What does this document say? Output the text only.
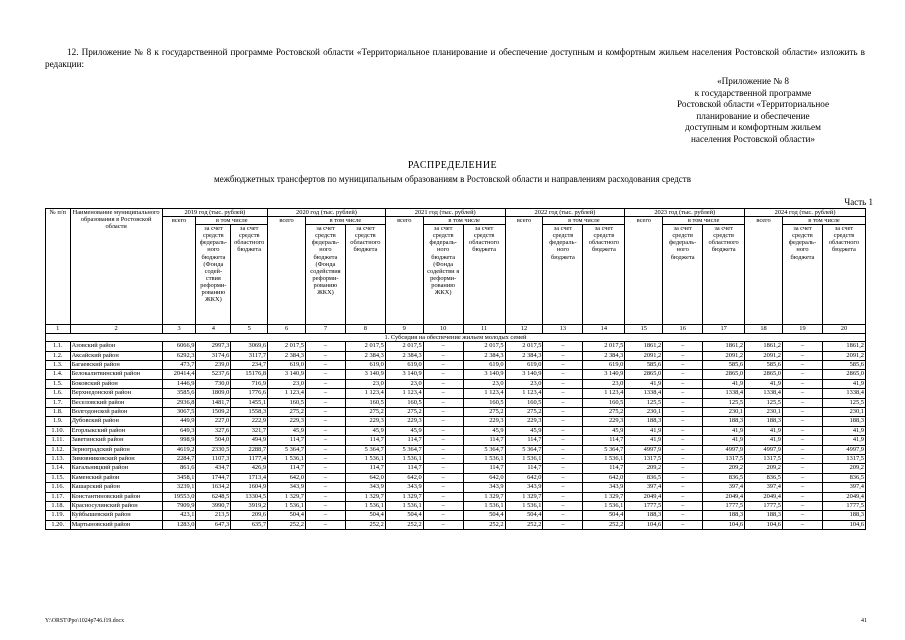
12. Приложение № 8 к государственной программе Ростовской области «Территориальное планирование и обеспечение доступным и комфортным жильем населения Ростовской области» изложить в редакции:
«Приложение № 8
к государственной программе
Ростовской области «Территориальное
планирование и обеспечение
доступным и комфортным жильем
населения Ростовской области»
РАСПРЕДЕЛЕНИЕ
межбюджетных трансфертов по муниципальным образованиям в Ростовской области и направлениям расходования средств
Часть 1
№ п/п	Наименование муниципального образования в Ростовской области	2019 год (тыс. рублей)			2020 год (тыс. рублей)			2021 год (тыс. рублей)			2022 год (тыс. рублей)			2023 год (тыс. рублей)			2024 год (тыс. рублей)		
		всего	в том числе		всего	в том числе		всего	в том числе		всего	в том числе		всего	в том числе		всего	в том числе	
			за счет средств федераль-ного бюджета (Фонда содей-ствия реформи-рованию ЖКХ)	за счет средств областного бюджета		за счет средств федераль-ного бюджета (Фонда содействия реформи-рованию ЖКХ)	за счет средств областного бюджета		за счет средств федераль-ного бюджета (Фонда содействи я реформи-рованию ЖКХ)	за счет средств областного бюджета		за счет средств федераль-ного бюджета	за счет средств областного бюджета		за счет средств федераль-ного бюджета	за счет средств областного бюджета		за счет средств федераль-ного бюджета	за счет средств областного бюджета
1	2	3	4	5	6	7	8	9	10	11	12	13	14	15	16	17	18	19	20
1. Субсидия на обеспечение жильем молодых семей																			
1.1.	Азовский район	6066,9	2997,3	3069,6	2 017,5	–	2 017,5	2 017,5	–	2 017,5	2 017,5	–	2 017,5	1861,2	–	1861,2	1861,2	–	1861,2
1.2.	Аксайский район	6292,3	3174,6	3117,7	2 384,3	–	2 384,3	2 384,3	–	2 384,3	2 384,3	–	2 384,3	2091,2	–	2091,2	2091,2	–	2091,2
1.3.	Багаевский район	473,7	239,0	234,7	619,0	–	619,0	619,0	–	619,0	619,0	–	619,0	585,6	–	585,6	585,6	–	585,6
1.4.	Белокалитвинский район	20414,4	5237,6	15176,8	3 140,9	–	3 140,9	3 140,9	–	3 140,9	3 140,9	–	3 140,9	2865,0	–	2865,0	2865,0	–	2865,0
1.5.	Боковский район	1446,9	730,0	716,9	23,0	–	23,0	23,0	–	23,0	23,0	–	23,0	41,9	–	41,9	41,9	–	41,9
1.6.	Верхнедонской район	3585,6	1809,0	1776,6	1 123,4	–	1 123,4	1 123,4	–	1 123,4	1 123,4	–	1 123,4	1338,4	–	1338,4	1338,4	–	1338,4
1.7.	Веселовский район	2936,8	1481,7	1455,1	160,5	–	160,5	160,5	–	160,5	160,5	–	160,5	125,5	–	125,5	125,5	–	125,5
1.8.	Волгодонской район	3067,5	1509,2	1558,3	275,2	–	275,2	275,2	–	275,2	275,2	–	275,2	230,1	–	230,1	230,1	–	230,1
1.9.	Дубовский район	449,9	227,0	222,9	229,3	–	229,3	229,3	–	229,3	229,3	–	229,3	188,3	–	188,3	188,3	–	188,3
1.10.	Егорлыкский район	649,3	327,6	321,7	45,9	–	45,9	45,9	–	45,9	45,9	–	45,9	41,9	–	41,9	41,9	–	41,9
1.11.	Заветинский район	998,9	504,0	494,9	114,7	–	114,7	114,7	–	114,7	114,7	–	114,7	41,9	–	41,9	41,9	–	41,9
1.12.	Зерноградский район	4619,2	2330,5	2288,7	5 364,7	–	5 364,7	5 364,7	–	5 364,7	5 364,7	–	5 364,7	4997,9	–	4997,9	4997,9	–	4997,9
1.13.	Зимовниковский район	2284,7	1107,3	1177,4	1 536,1	–	1 536,1	1 536,1	–	1 536,1	1 536,1	–	1 536,1	1317,5	–	1317,5	1317,5	–	1317,5
1.14.	Кагальницкий район	861,6	434,7	426,9	114,7	–	114,7	114,7	–	114,7	114,7	–	114,7	209,2	–	209,2	209,2	–	209,2
1.15.	Каменский район	3458,1	1744,7	1713,4	642,0	–	642,0	642,0	–	642,0	642,0	–	642,0	836,5	–	836,5	836,5	–	836,5
1.16.	Кашарский район	3239,1	1634,2	1604,9	343,9	–	343,9	343,9	–	343,9	343,9	–	343,9	397,4	–	397,4	397,4	–	397,4
1.17.	Константиновский район	19553,0	6248,5	13304,5	1 329,7	–	1 329,7	1 329,7	–	1 329,7	1 329,7	–	1 329,7	2049,4	–	2049,4	2049,4	–	2049,4
1.18.	Красносулинский район	7909,9	3990,7	3919,2	1 536,1	–	1 536,1	1 536,1	–	1 536,1	1 536,1	–	1 536,1	1777,5	–	1777,5	1777,5	–	1777,5
1.19.	Куйбышевский район	423,1	213,5	209,6	504,4	–	504,4	504,4	–	504,4	504,4	–	504,4	188,3	–	188,3	188,3	–	188,3
1.20.	Мартыновский район	1283,0	647,3	635,7	252,2	–	252,2	252,2	–	252,2	252,2	–	252,2	104,6	–	104,6	104,6	–	104,6
Y:\ORST\Ppo\1024p746.f19.docx	41
